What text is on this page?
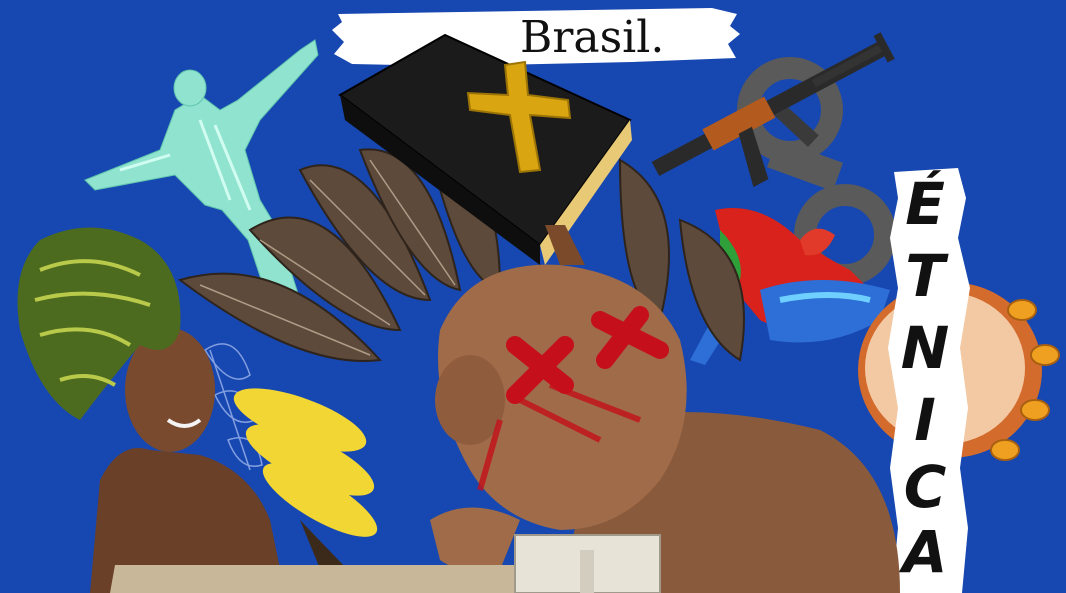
Brasil.
É
T
N
I
C
A
